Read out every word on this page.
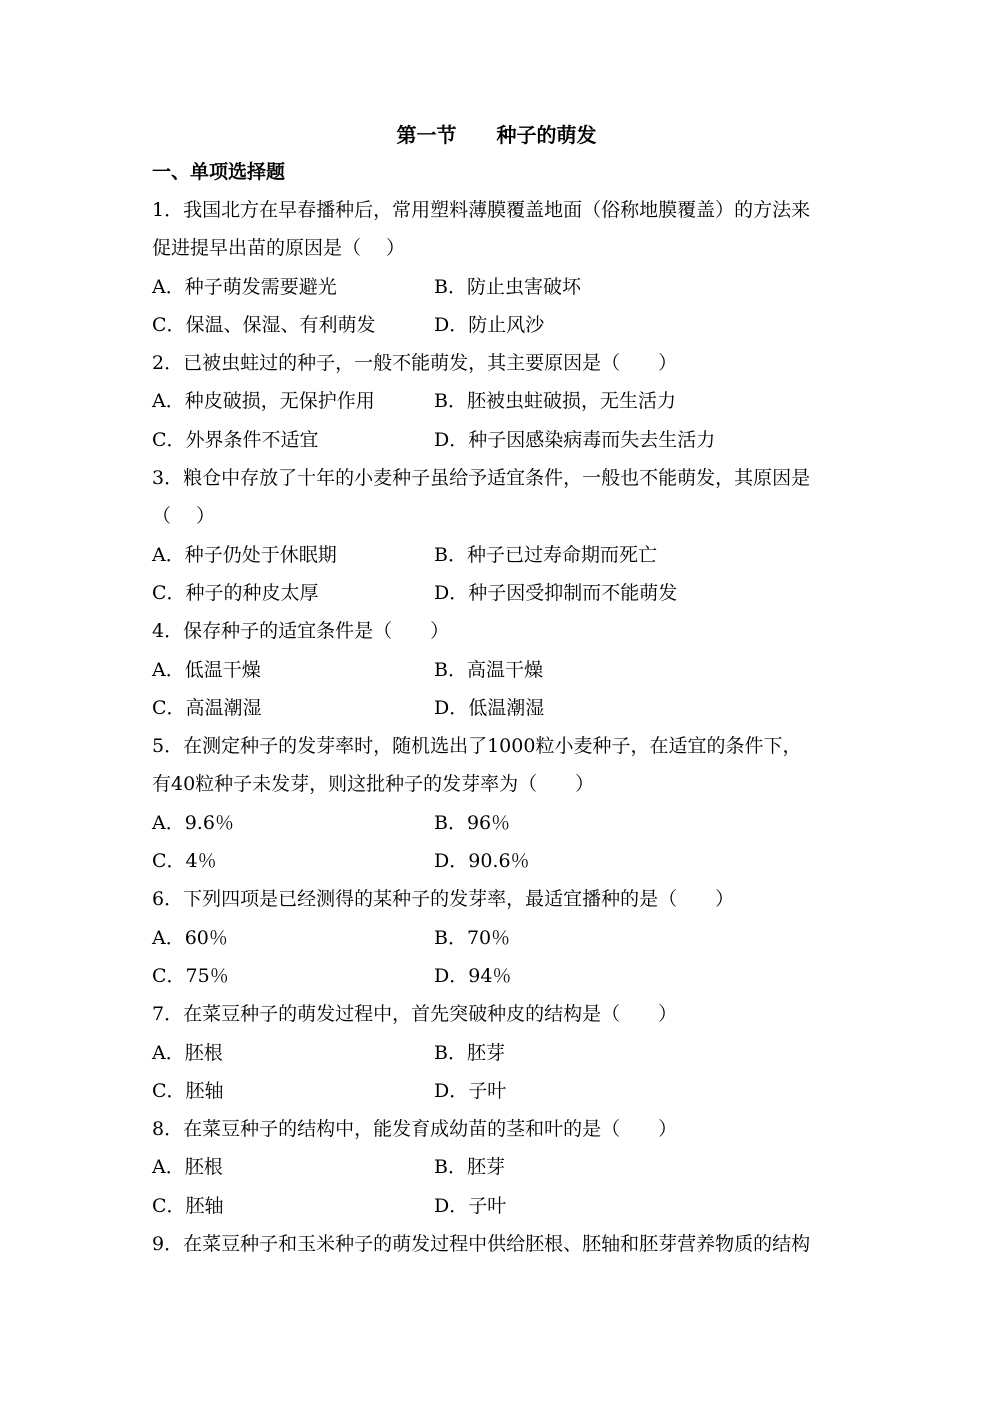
第一节　　种子的萌发
一、单项选择题
1．我国北方在早春播种后，常用塑料薄膜覆盖地面（俗称地膜覆盖）的方法来
促进提早出苗的原因是（　 ）
A．种子萌发需要避光	B．防止虫害破坏
C．保温、保湿、有利萌发	D．防止风沙
2．已被虫蛀过的种子，一般不能萌发，其主要原因是（　　）
A．种皮破损，无保护作用	B．胚被虫蛀破损，无生活力
C．外界条件不适宜	D．种子因感染病毒而失去生活力
3．粮仓中存放了十年的小麦种子虽给予适宜条件，一般也不能萌发，其原因是
（　 ）
A．种子仍处于休眠期	B．种子已过寿命期而死亡
C．种子的种皮太厚	D．种子因受抑制而不能萌发
4．保存种子的适宜条件是（　　）
A．低温干燥	B．高温干燥
C．高温潮湿	D．低温潮湿
5．在测定种子的发芽率时，随机选出了1000粒小麦种子，在适宜的条件下，
有40粒种子未发芽，则这批种子的发芽率为（　　）
A．9.6％	B．96％
C．4％	D．90.6％
6．下列四项是已经测得的某种子的发芽率，最适宜播种的是（　　）
A．60％	B．70％
C．75％	D．94％
7．在菜豆种子的萌发过程中，首先突破种皮的结构是（　　）
A．胚根	B．胚芽
C．胚轴	D．子叶
8．在菜豆种子的结构中，能发育成幼苗的茎和叶的是（　　）
A．胚根	B．胚芽
C．胚轴	D．子叶
9．在菜豆种子和玉米种子的萌发过程中供给胚根、胚轴和胚芽营养物质的结构
